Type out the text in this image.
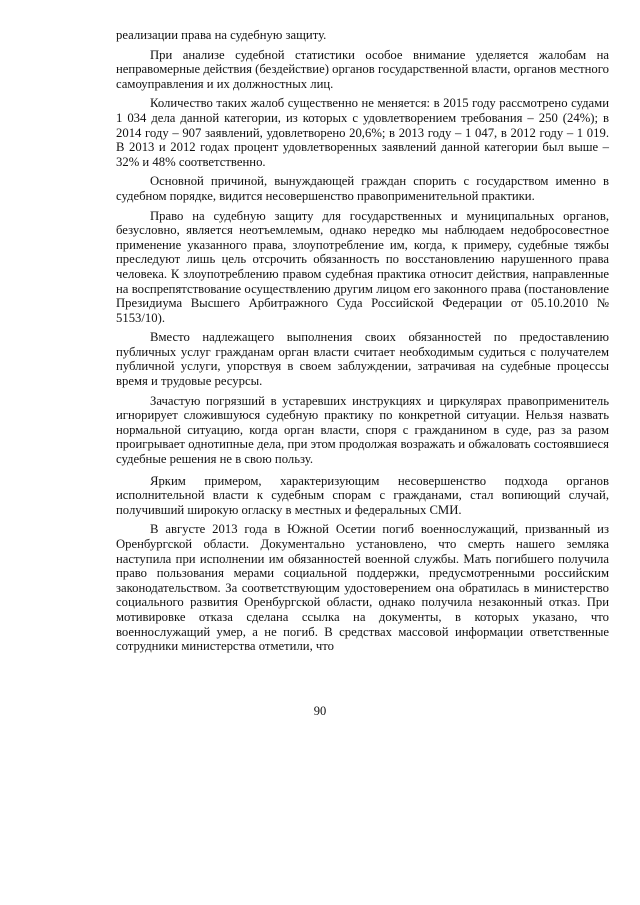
реализации права на судебную защиту.

При анализе судебной статистики особое внимание уделяется жалобам на неправомерные действия (бездействие) органов государственной власти, органов местного самоуправления и их должностных лиц.

Количество таких жалоб существенно не меняется: в 2015 году рассмотрено судами 1 034 дела данной категории, из которых с удовлетворением требования – 250 (24%); в 2014 году – 907 заявлений, удовлетворено 20,6%; в 2013 году – 1 047, в 2012 году – 1 019. В 2013 и 2012 годах процент удовлетворенных заявлений данной категории был выше – 32% и 48% соответственно.

Основной причиной, вынуждающей граждан спорить с государством именно в судебном порядке, видится несовершенство правоприменительной практики.

Право на судебную защиту для государственных и муниципальных органов, безусловно, является неотъемлемым, однако нередко мы наблюдаем недобросовестное применение указанного права, злоупотребление им, когда, к примеру, судебные тяжбы преследуют лишь цель отсрочить обязанность по восстановлению нарушенного права человека. К злоупотреблению правом судебная практика относит действия, направленные на воспрепятствование осуществлению другим лицом его законного права (постановление Президиума Высшего Арбитражного Суда Российской Федерации от 05.10.2010 № 5153/10).

Вместо надлежащего выполнения своих обязанностей по предоставлению публичных услуг гражданам орган власти считает необходимым судиться с получателем публичной услуги, упорствуя в своем заблуждении, затрачивая на судебные процессы время и трудовые ресурсы.

Зачастую погрязший в устаревших инструкциях и циркулярах правоприменитель игнорирует сложившуюся судебную практику по конкретной ситуации. Нельзя назвать нормальной ситуацию, когда орган власти, споря с гражданином в суде, раз за разом проигрывает однотипные дела, при этом продолжая возражать и обжаловать состоявшиеся судебные решения не в свою пользу.

Ярким примером, характеризующим несовершенство подхода органов исполнительной власти к судебным спорам с гражданами, стал вопиющий случай, получивший широкую огласку в местных и федеральных СМИ.

В августе 2013 года в Южной Осетии погиб военнослужащий, призванный из Оренбургской области. Документально установлено, что смерть нашего земляка наступила при исполнении им обязанностей военной службы. Мать погибшего получила право пользования мерами социальной поддержки, предусмотренными российским законодательством. За соответствующим удостоверением она обратилась в министерство социального развития Оренбургской области, однако получила незаконный отказ. При мотивировке отказа сделана ссылка на документы, в которых указано, что военнослужащий умер, а не погиб. В средствах массовой информации ответственные сотрудники министерства отметили, что

90
